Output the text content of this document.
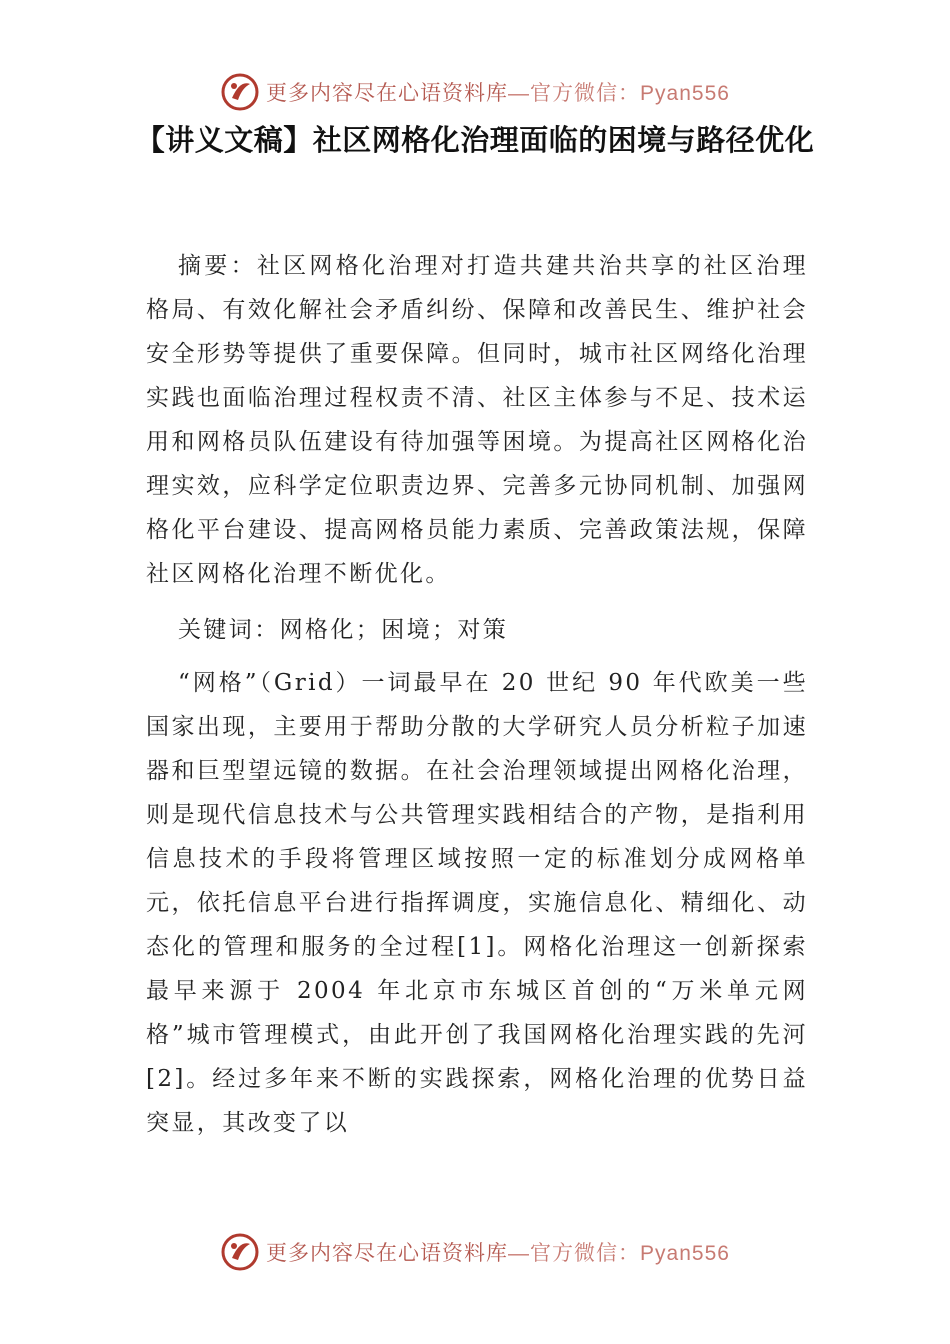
更多内容尽在心语资料库 —官方微信：Pyan556
【讲义文稿】社区网格化治理面临的困境与路径优化

摘要：社区网格化治理对打造共建共治共享的社区治理格局、有效化解社会矛盾纠纷、保障和改善民生、维护社会安全形势等提供了重要保障。但同时，城市社区网络化治理实践也面临治理过程权责不清、社区主体参与不足、技术运用和网格员队伍建设有待加强等困境。为提高社区网格化治理实效，应科学定位职责边界、完善多元协同机制、加强网格化平台建设、提高网格员能力素质、完善政策法规，保障社区网格化治理不断优化。

关键词：网格化；困境；对策

“网格”（Grid）一词最早在 20 世纪 90 年代欧美一些国家出现，主要用于帮助分散的大学研究人员分析粒子加速器和巨型望远镜的数据。在社会治理领域提出网格化治理，则是现代信息技术与公共管理实践相结合的产物，是指利用信息技术的手段将管理区域按照一定的标准划分成网格单元，依托信息平台进行指挥调度，实施信息化、精细化、动态化的管理和服务的全过程[1]。网格化治理这一创新探索最早来源于 2004 年北京市东城区首创的“万米单元网格”城市管理模式，由此开创了我国网格化治理实践的先河[2]。经过多年来不断的实践探索，网格化治理的优势日益突显，其改变了以

更多内容尽在心语资料库 —官方微信：Pyan556
